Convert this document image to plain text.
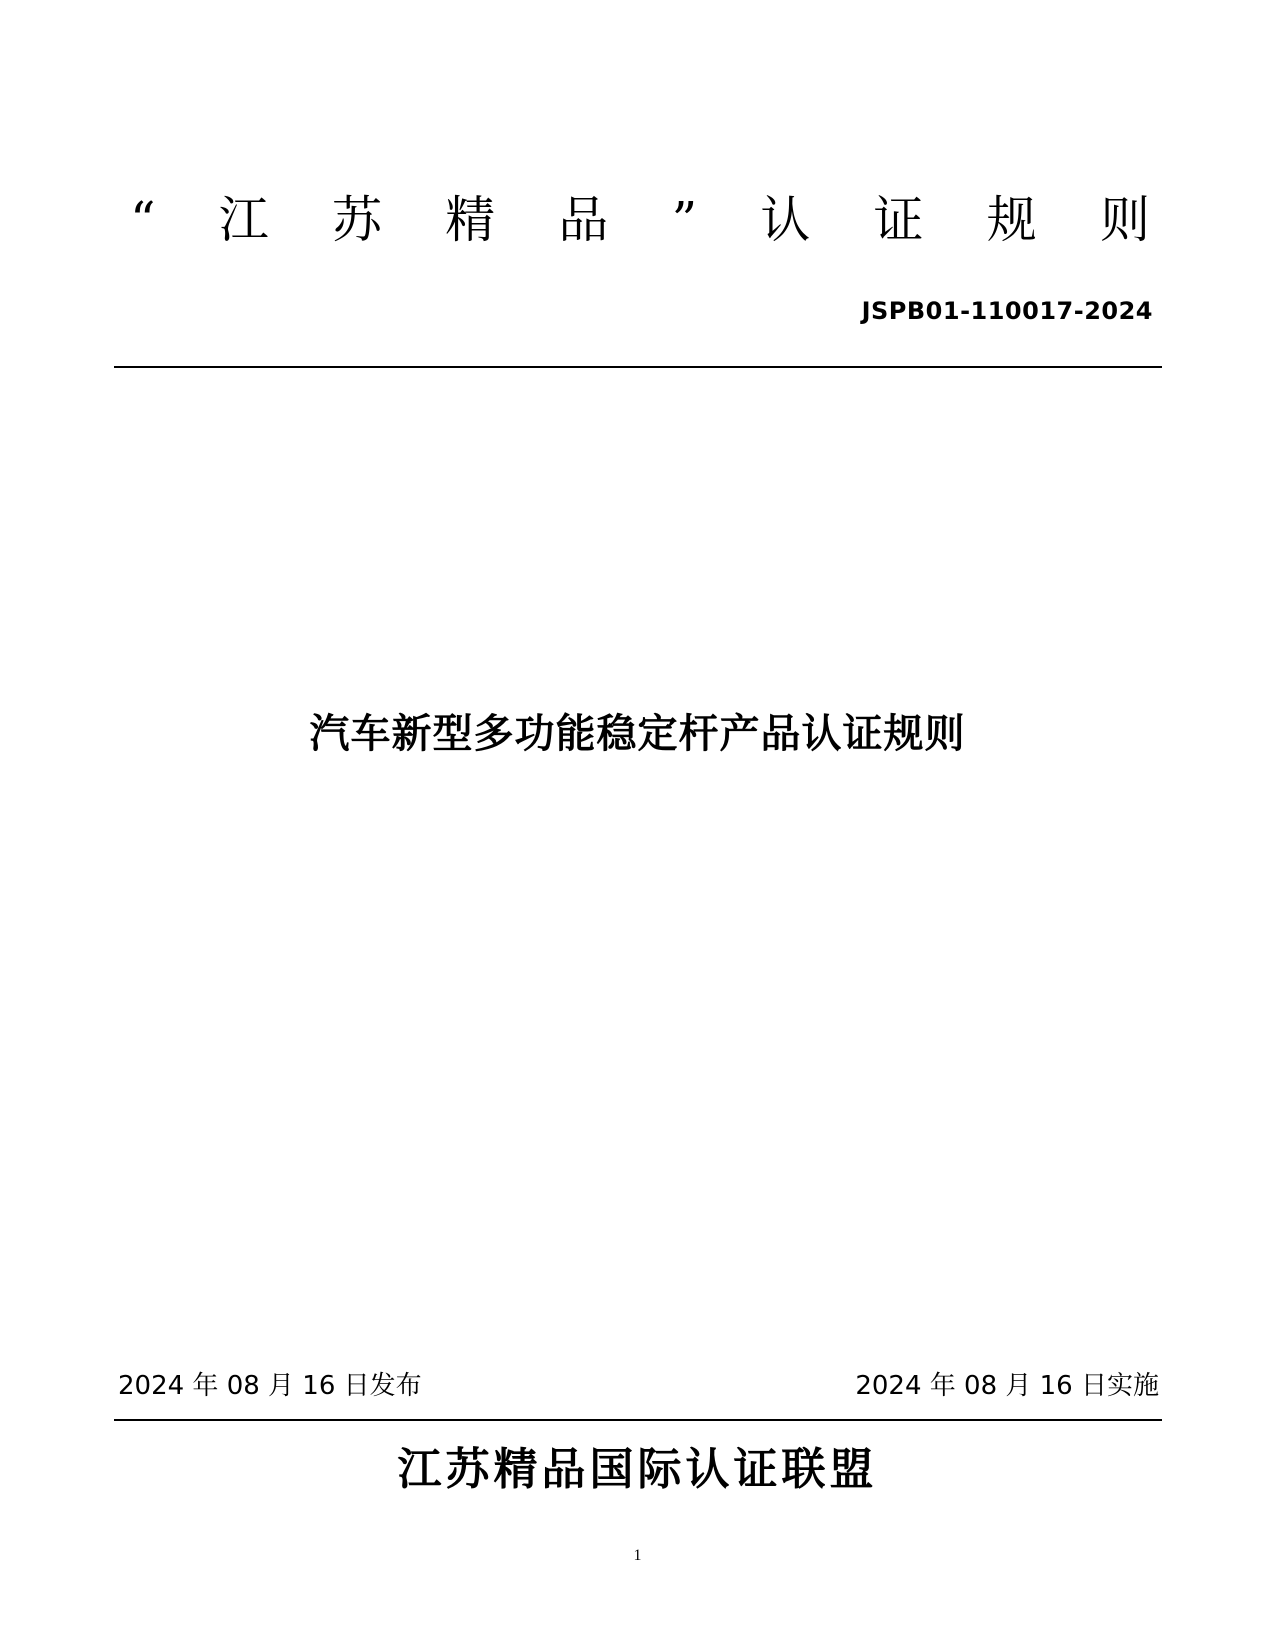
“ 江 苏 精 品 ” 认 证 规 则
JSPB01-110017-2024
汽车新型多功能稳定杆产品认证规则
2024 年 08 月 16 日发布	2024 年 08 月 16 日实施
江苏精品国际认证联盟
1
